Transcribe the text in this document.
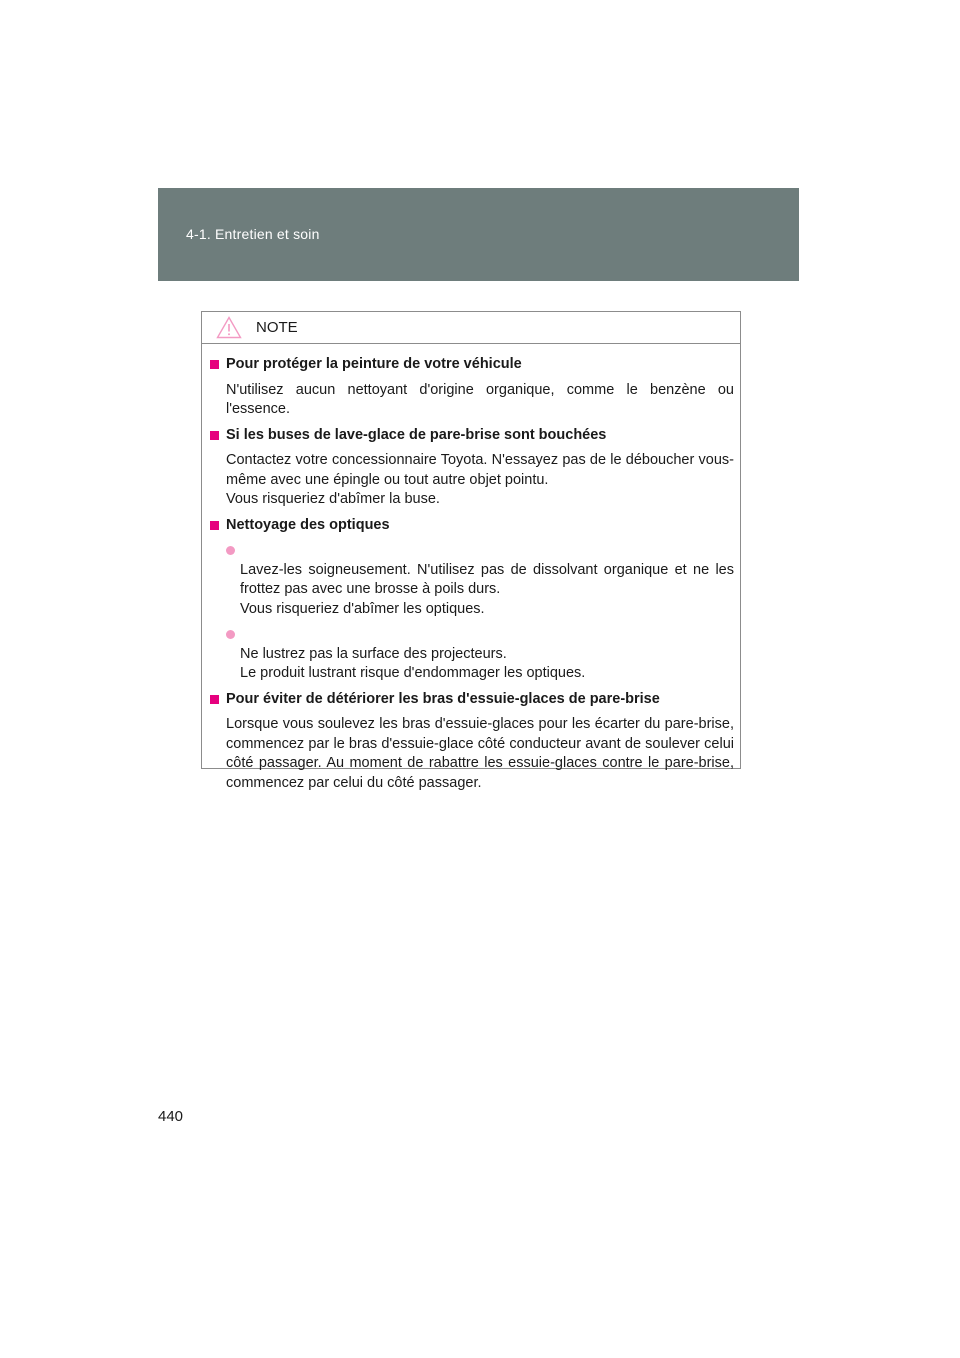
4-1. Entretien et soin
NOTE
Pour protéger la peinture de votre véhicule
N'utilisez aucun nettoyant d'origine organique, comme le benzène ou l'essence.
Si les buses de lave-glace de pare-brise sont bouchées
Contactez votre concessionnaire Toyota. N'essayez pas de le déboucher vous-même avec une épingle ou tout autre objet pointu.
Vous risqueriez d'abîmer la buse.
Nettoyage des optiques

Lavez-les soigneusement. N'utilisez pas de dissolvant organique et ne les frottez pas avec une brosse à poils durs.
Vous risqueriez d'abîmer les optiques.

Ne lustrez pas la surface des projecteurs.
Le produit lustrant risque d'endommager les optiques.

Pour éviter de détériorer les bras d'essuie-glaces de pare-brise
Lorsque vous soulevez les bras d'essuie-glaces pour les écarter du pare-brise, commencez par le bras d'essuie-glace côté conducteur avant de soulever celui côté passager. Au moment de rabattre les essuie-glaces contre le pare-brise, commencez par celui du côté passager.
440
